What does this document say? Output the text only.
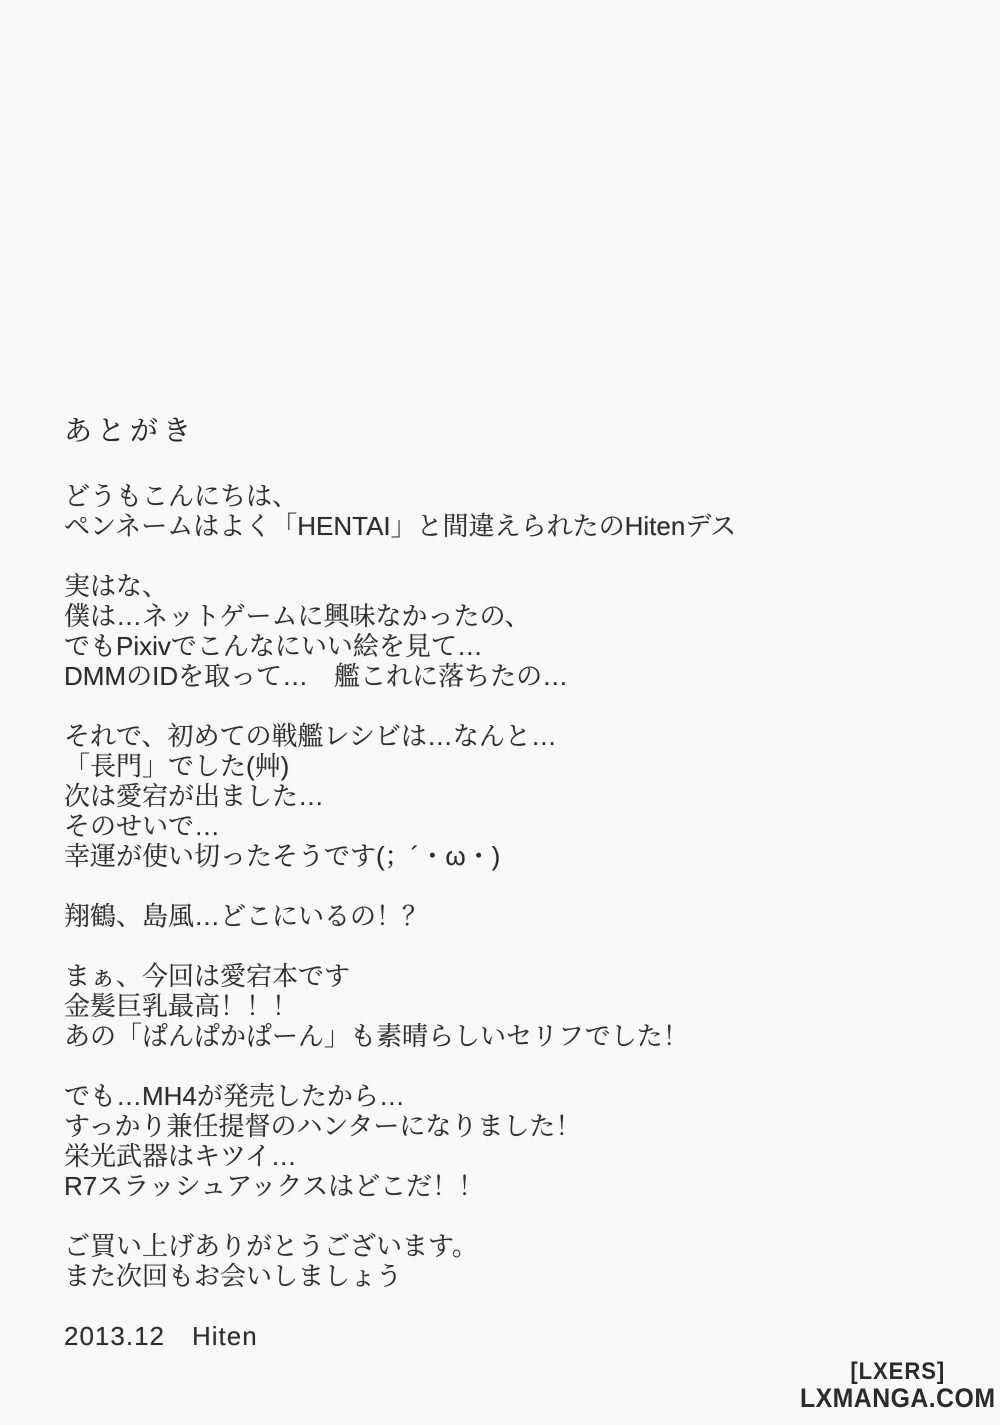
あとがき

どうもこんにちは、
ペンネームはよく「HENTAI」と間違えられたのHitenデス

実はな、
僕は…ネットゲームに興味なかったの、
でもPixivでこんなにいい絵を見て…
DMMのIDを取って…　艦これに落ちたの…

それで、初めての戦艦レシビは…なんと…
「長門」でした(艸)
次は愛宕が出ました…
そのせいで…
幸運が使い切ったそうです(；´・ω・)

翔鶴、島風…どこにいるの！？

まぁ、今回は愛宕本です
金髪巨乳最高！！！
あの「ぱんぱかぱーん」も素晴らしいセリフでした！

でも…MH4が発売したから…
すっかり兼任提督のハンターになりました！
栄光武器はキツイ…
R7スラッシュアックスはどこだ！！

ご買い上げありがとうございます。
また次回もお会いしましょう

2013.12　Hiten

[LXERS]
LXMANGA.COM
